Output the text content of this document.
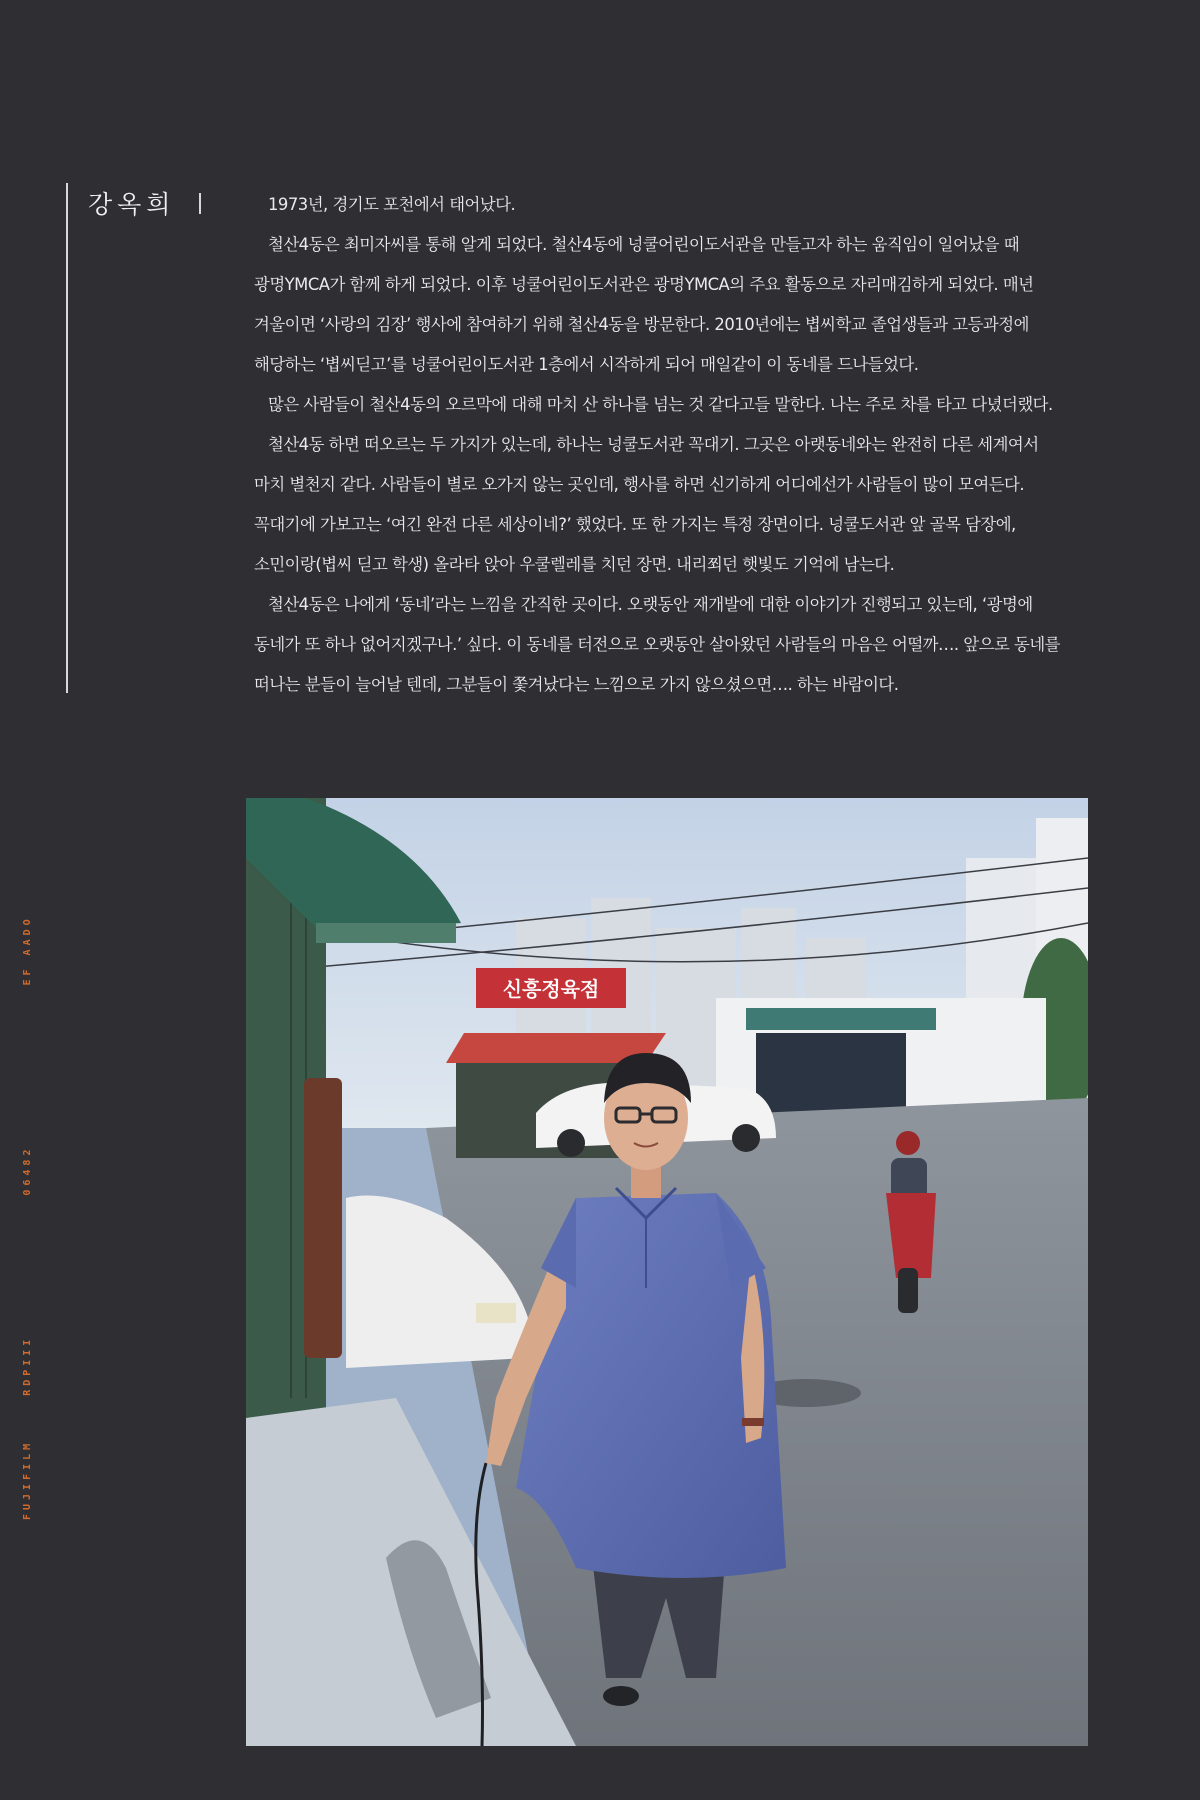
강옥희	1973년, 경기도 포천에서 태어났다.

철산4동은 최미자씨를 통해 알게 되었다. 철산4동에 넝쿨어린이도서관을 만들고자 하는 움직임이 일어났을 때

광명YMCA가 함께 하게 되었다. 이후 넝쿨어린이도서관은 광명YMCA의 주요 활동으로 자리매김하게 되었다. 매년

겨울이면 ‘사랑의 김장’ 행사에 참여하기 위해 철산4동을 방문한다. 2010년에는 볍씨학교 졸업생들과 고등과정에

해당하는 ‘볍씨딛고’를 넝쿨어린이도서관 1층에서 시작하게 되어 매일같이 이 동네를 드나들었다.

많은 사람들이 철산4동의 오르막에 대해 마치 산 하나를 넘는 것 같다고들 말한다. 나는 주로 차를 타고 다녔더랬다.

철산4동 하면 떠오르는 두 가지가 있는데, 하나는 넝쿨도서관 꼭대기. 그곳은 아랫동네와는 완전히 다른 세계여서

마치 별천지 같다. 사람들이 별로 오가지 않는 곳인데, 행사를 하면 신기하게 어디에선가 사람들이 많이 모여든다.

꼭대기에 가보고는 ‘여긴 완전 다른 세상이네?’ 했었다. 또 한 가지는 특정 장면이다. 넝쿨도서관 앞 골목 담장에,

소민이랑(볍씨 딛고 학생) 올라타 앉아 우쿨렐레를 치던 장면. 내리쬐던 햇빛도 기억에 남는다.

철산4동은 나에게 ‘동네’라는 느낌을 간직한 곳이다. 오랫동안 재개발에 대한 이야기가 진행되고 있는데, ‘광명에

동네가 또 하나 없어지겠구나.’ 싶다. 이 동네를 터전으로 오랫동안 살아왔던 사람들의 마음은 어떨까…. 앞으로 동네를

떠나는 분들이 늘어날 텐데, 그분들이 쫓겨났다는 느낌으로 가지 않으셨으면…. 하는 바람이다.

FUJIFILM RDPIII 06482 EF AADO
신흥정육점
